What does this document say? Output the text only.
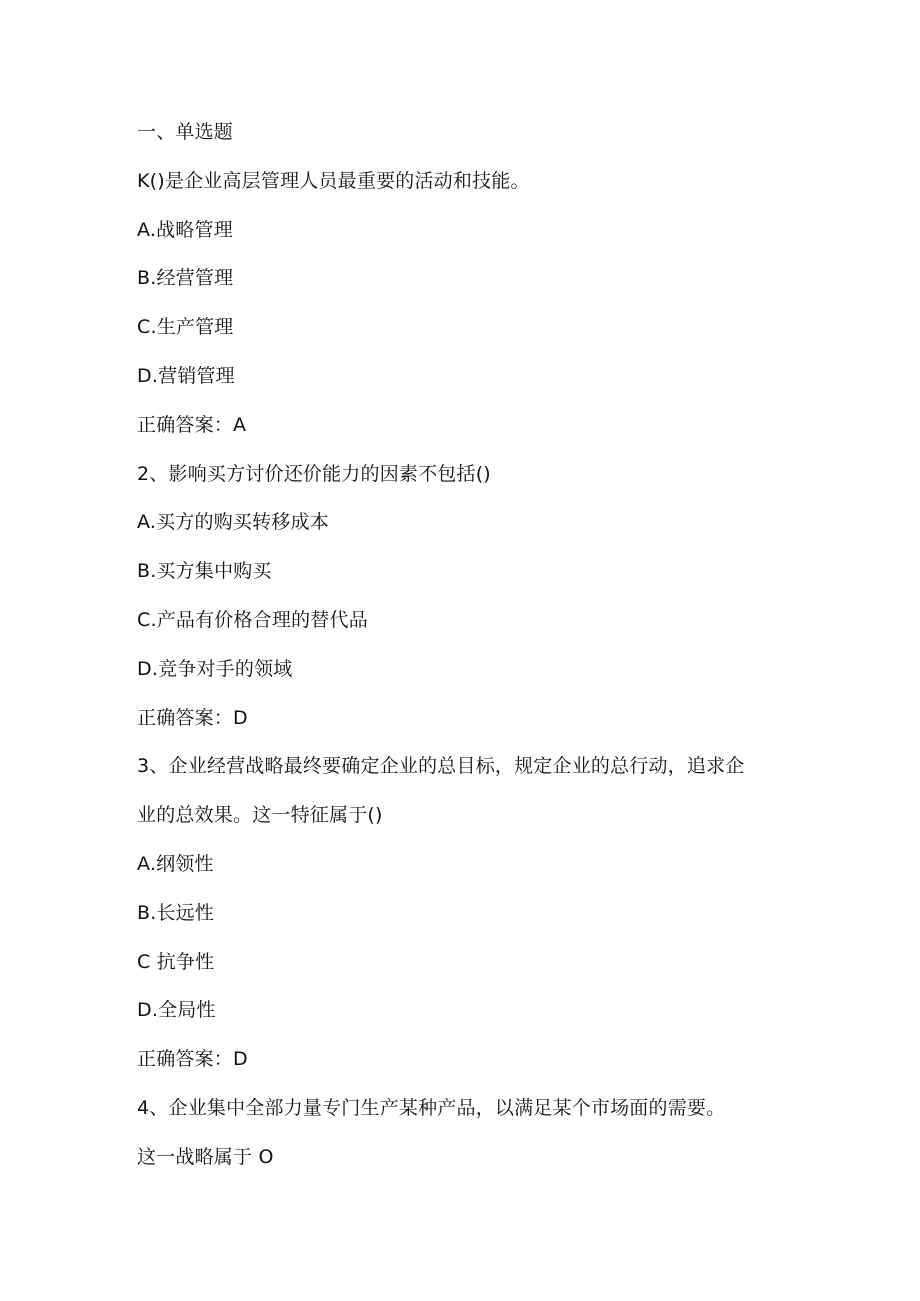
一、单选题
K()是企业高层管理人员最重要的活动和技能。
A.战略管理
B.经营管理
C.生产管理
D.营销管理
正确答案：A
2、影响买方讨价还价能力的因素不包括()
A.买方的购买转移成本
B.买方集中购买
C.产品有价格合理的替代品
D.竞争对手的领域
正确答案：D
3、企业经营战略最终要确定企业的总目标，规定企业的总行动，追求企
业的总效果。这一特征属于()
A.纲领性
B.长远性
C 抗争性
D.全局性
正确答案：D
4、企业集中全部力量专门生产某种产品，以满足某个市场面的需要。
这一战略属于 O
